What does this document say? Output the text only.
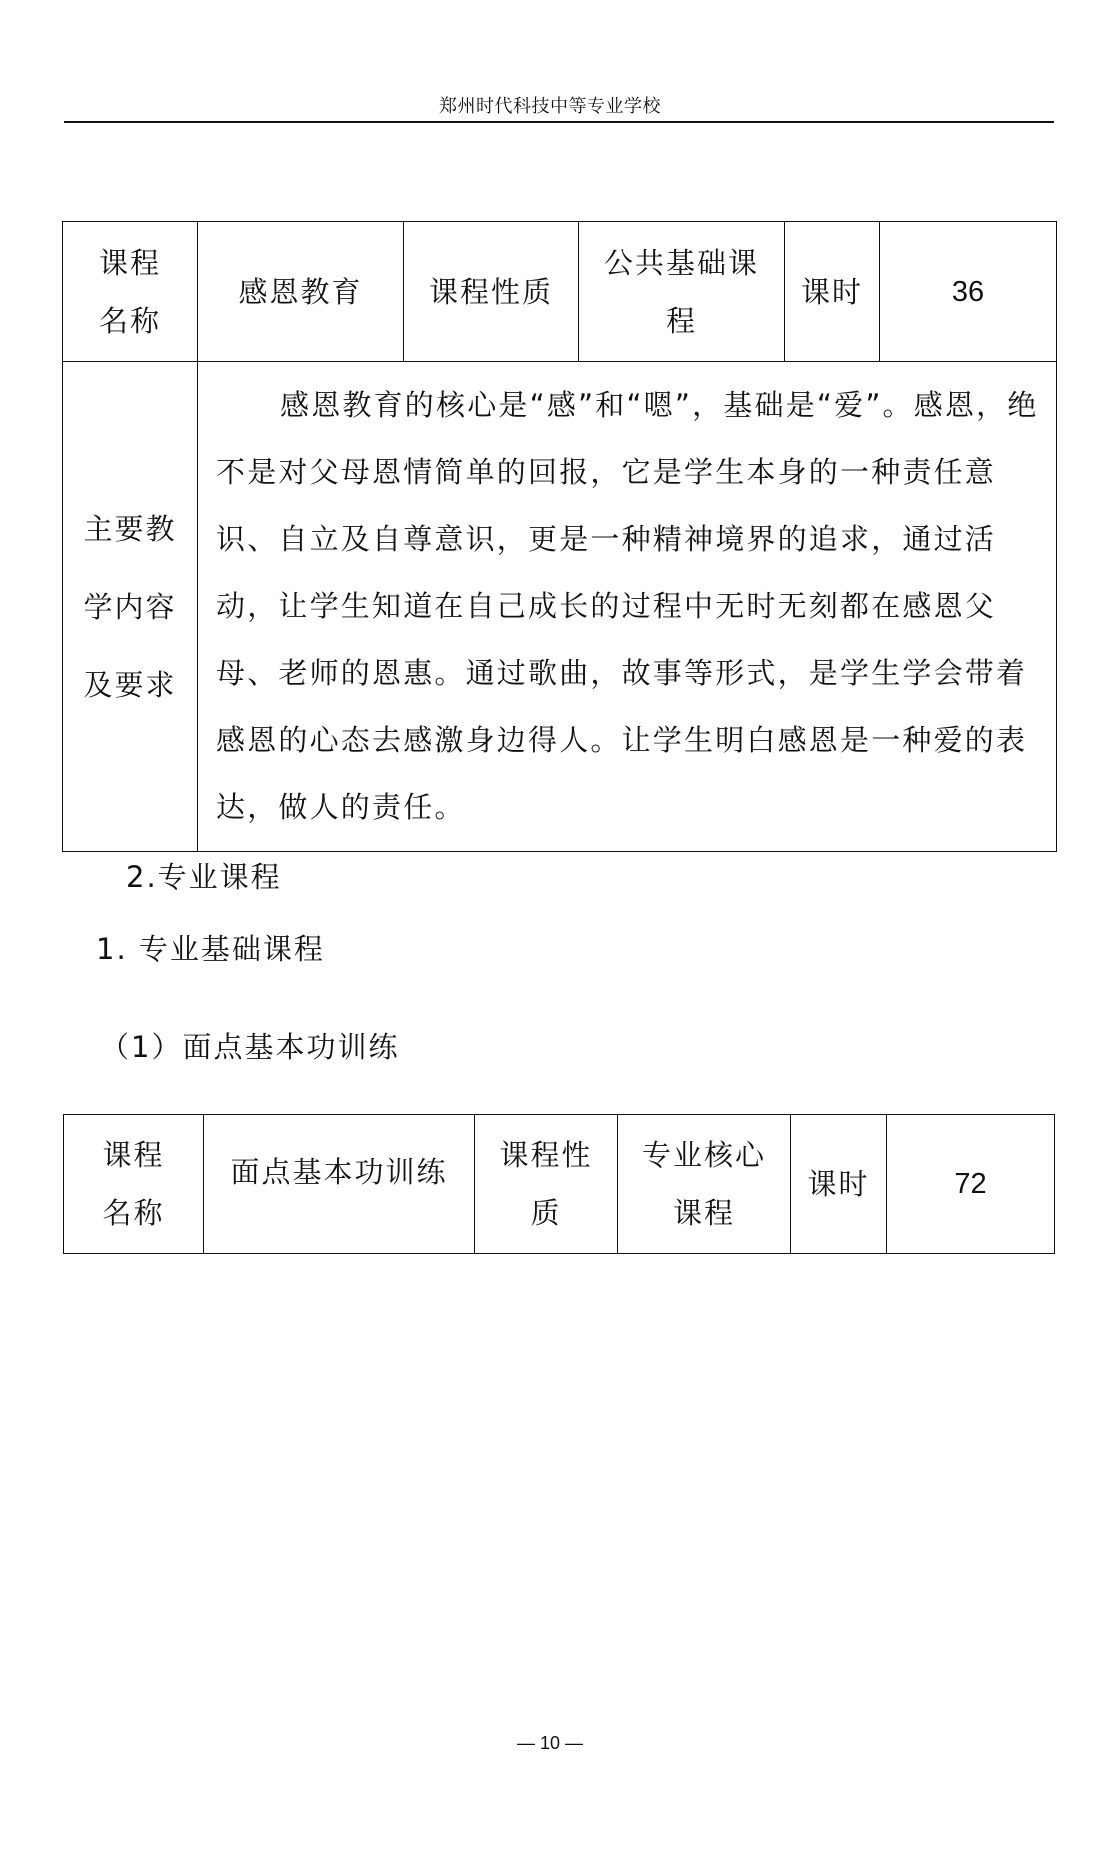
郑州时代科技中等专业学校
课程名称	感恩教育	课程性质	公共基础课程	课时	36
主要教学内容及要求	感恩教育的核心是“感”和“嗯”，基础是“爱”。感恩，绝不是对父母恩情简单的回报，它是学生本身的一种责任意识、自立及自尊意识，更是一种精神境界的追求，通过活动，让学生知道在自己成长的过程中无时无刻都在感恩父母、老师的恩惠。通过歌曲，故事等形式，是学生学会带着感恩的心态去感激身边得人。让学生明白感恩是一种爱的表达，做人的责任。				
2.专业课程
1. 专业基础课程
（1）面点基本功训练
课程名称	面点基本功训练	课程性质	专业核心课程	课时	72
— 10 —
